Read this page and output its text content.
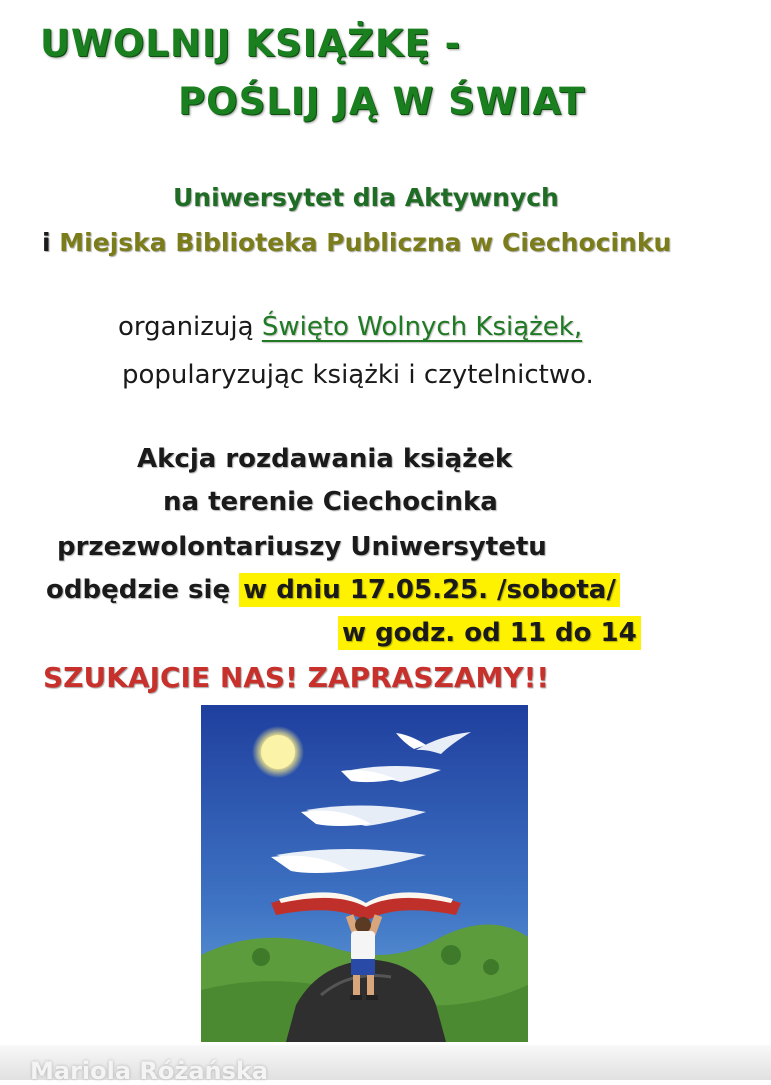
UWOLNIJ KSIĄŻKĘ -
POŚLIJ JĄ W ŚWIAT
Uniwersytet dla Aktywnych
i Miejska Biblioteka Publiczna w Ciechocinku
organizują Święto Wolnych Książek,
popularyzując książki i czytelnictwo.
Akcja rozdawania książek
na terenie Ciechocinka
przezwolontariuszy Uniwersytetu
odbędzie się w dniu 17.05.25. /sobota/
w godz. od 11 do 14
SZUKAJCIE NAS! ZAPRASZAMY!!
Mariola Różańska
